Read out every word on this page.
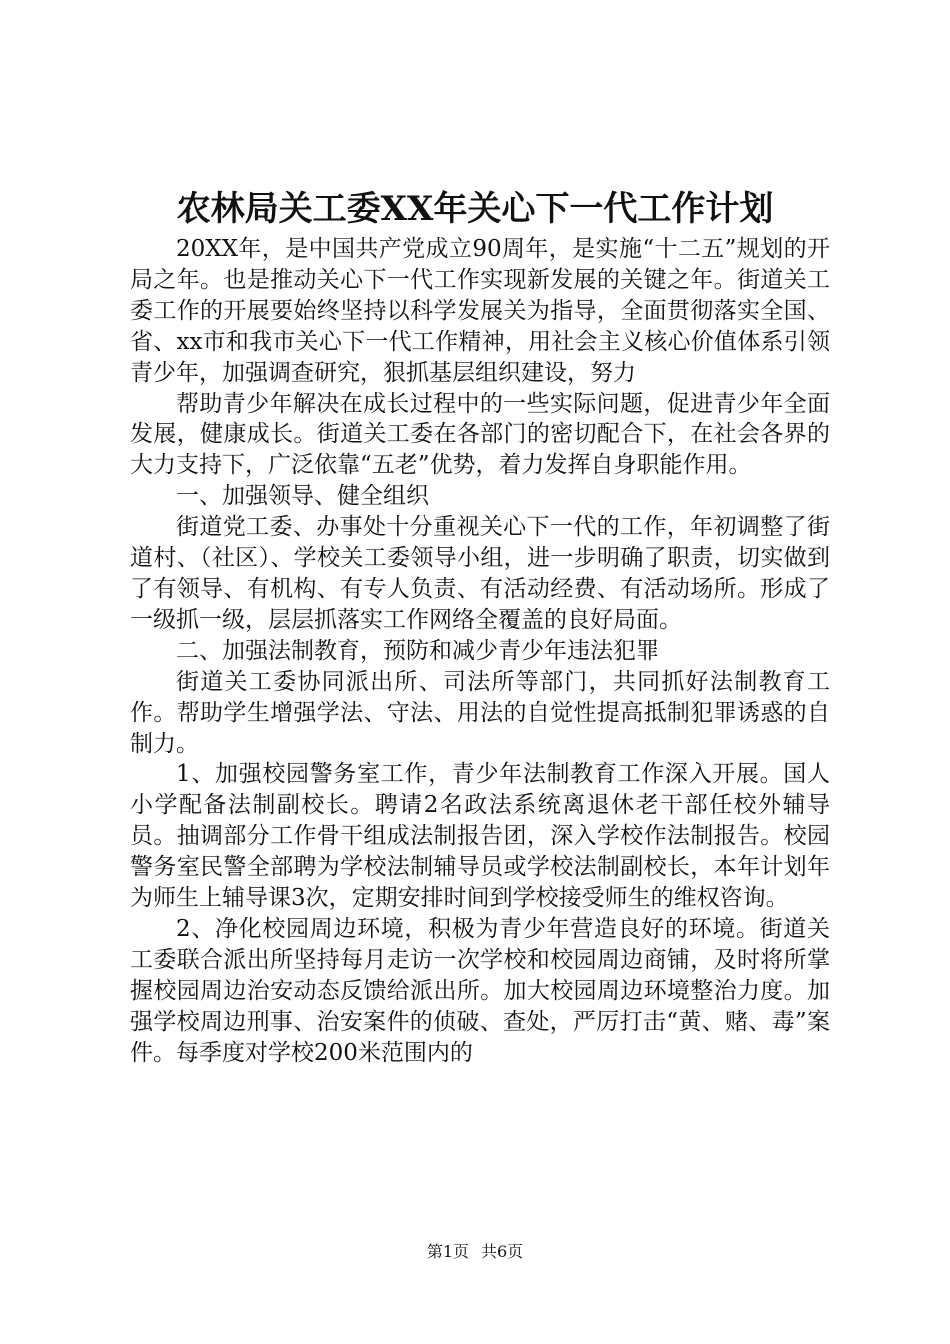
农林局关工委XX年关心下一代工作计划

20XX年，是中国共产党成立90周年，是实施“十二五”规划的开局之年。也是推动关心下一代工作实现新发展的关键之年。街道关工委工作的开展要始终坚持以科学发展关为指导，全面贯彻落实全国、省、xx市和我市关心下一代工作精神，用社会主义核心价值体系引领青少年，加强调查研究，狠抓基层组织建设，努力

帮助青少年解决在成长过程中的一些实际问题，促进青少年全面发展，健康成长。街道关工委在各部门的密切配合下，在社会各界的大力支持下，广泛依靠“五老”优势，着力发挥自身职能作用。

一、加强领导、健全组织

街道党工委、办事处十分重视关心下一代的工作，年初调整了街道村、（社区）、学校关工委领导小组，进一步明确了职责，切实做到了有领导、有机构、有专人负责、有活动经费、有活动场所。形成了一级抓一级，层层抓落实工作网络全覆盖的良好局面。

二、加强法制教育，预防和减少青少年违法犯罪

街道关工委协同派出所、司法所等部门，共同抓好法制教育工作。帮助学生增强学法、守法、用法的自觉性提高抵制犯罪诱惑的自制力。

1、加强校园警务室工作，青少年法制教育工作深入开展。国人小学配备法制副校长。聘请2名政法系统离退休老干部任校外辅导员。抽调部分工作骨干组成法制报告团，深入学校作法制报告。校园警务室民警全部聘为学校法制辅导员或学校法制副校长，本年计划年为师生上辅导课3次，定期安排时间到学校接受师生的维权咨询。

2、净化校园周边环境，积极为青少年营造良好的环境。街道关工委联合派出所坚持每月走访一次学校和校园周边商铺，及时将所掌握校园周边治安动态反馈给派出所。加大校园周边环境整治力度。加强学校周边刑事、治安案件的侦破、查处，严厉打击“黄、赌、毒”案件。每季度对学校200米范围内的

第1页 共6页
